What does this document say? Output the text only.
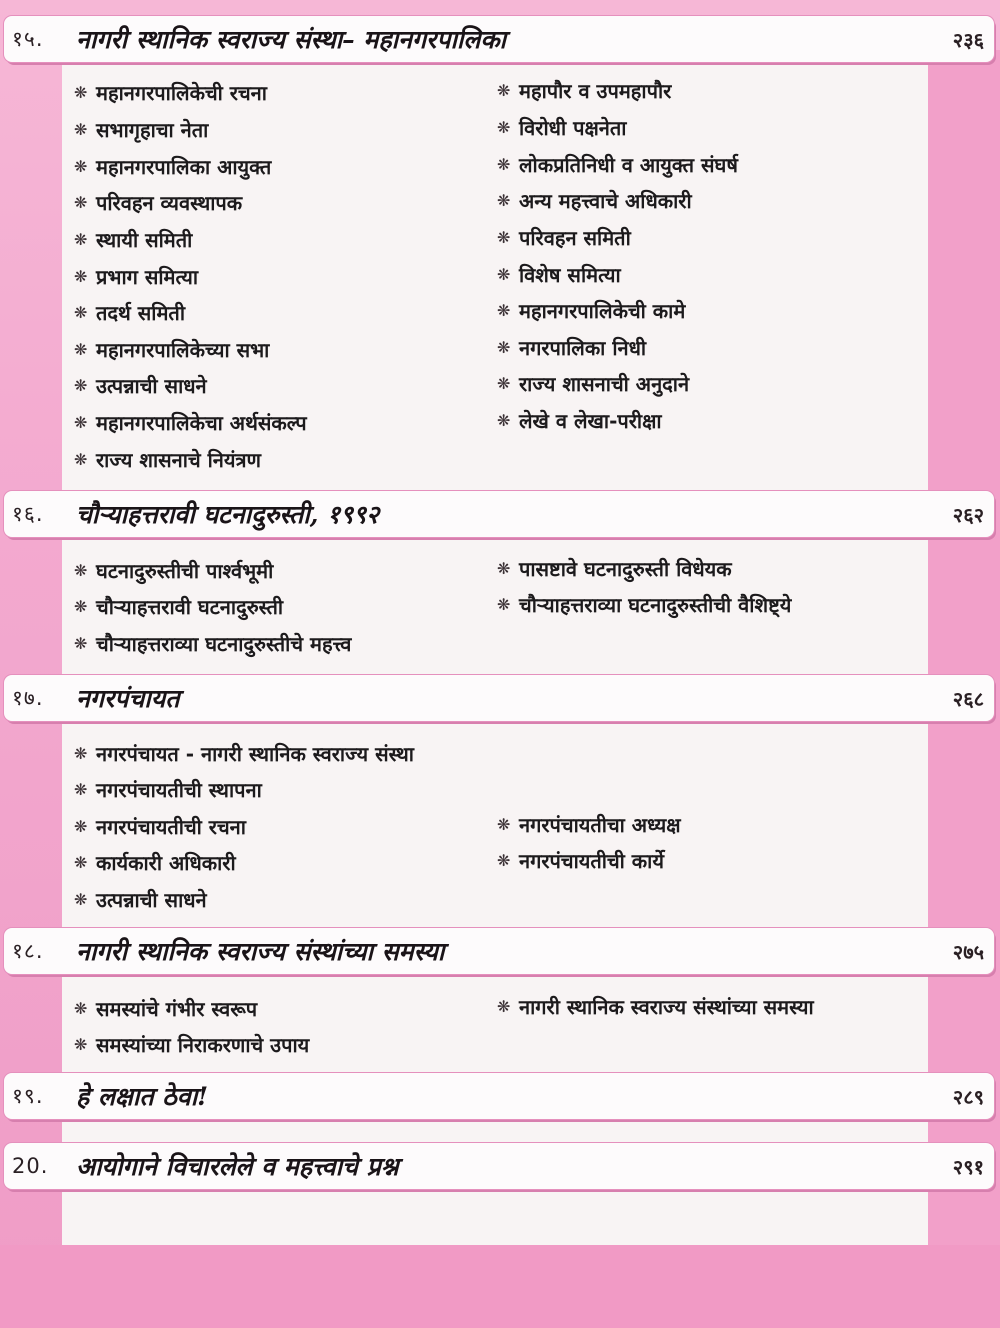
१५.	नागरी स्थानिक स्वराज्य संस्था– महानगरपालिका	२३६
❋ महानगरपालिकेची रचना
❋ सभागृहाचा नेता
❋ महानगरपालिका आयुक्त
❋ परिवहन व्यवस्थापक
❋ स्थायी समिती
❋ प्रभाग समित्या
❋ तदर्थ समिती
❋ महानगरपालिकेच्या सभा
❋ उत्पन्नाची साधने
❋ महानगरपालिकेचा अर्थसंकल्प
❋ राज्य शासनाचे नियंत्रण
❋ महापौर व उपमहापौर
❋ विरोधी पक्षनेता
❋ लोकप्रतिनिधी व आयुक्त संघर्ष
❋ अन्य महत्त्वाचे अधिकारी
❋ परिवहन समिती
❋ विशेष समित्या
❋ महानगरपालिकेची कामे
❋ नगरपालिका निधी
❋ राज्य शासनाची अनुदाने
❋ लेखे व लेखा-परीक्षा
१६.	चौऱ्याहत्तरावी घटनादुरुस्ती, १९९२	२६२
❋ घटनादुरुस्तीची पार्श्वभूमी
❋ चौऱ्याहत्तरावी घटनादुरुस्ती
❋ चौऱ्याहत्तराव्या घटनादुरुस्तीचे महत्त्व
❋ पासष्टावे घटनादुरुस्ती विधेयक
❋ चौऱ्याहत्तराव्या घटनादुरुस्तीची वैशिष्ट्ये
१७.	नगरपंचायत	२६८
❋ नगरपंचायत - नागरी स्थानिक स्वराज्य संस्था
❋ नगरपंचायतीची स्थापना
❋ नगरपंचायतीची रचना
❋ कार्यकारी अधिकारी
❋ उत्पन्नाची साधने
❋ नगरपंचायतीचा अध्यक्ष
❋ नगरपंचायतीची कार्ये
१८.	नागरी स्थानिक स्वराज्य संस्थांच्या समस्या	२७५
❋ समस्यांचे गंभीर स्वरूप
❋ समस्यांच्या निराकरणाचे उपाय
❋ नागरी स्थानिक स्वराज्य संस्थांच्या समस्या
१९.	हे लक्षात ठेवा!	२८९
20.	आयोगाने विचारलेले व महत्त्वाचे प्रश्न	२९१
